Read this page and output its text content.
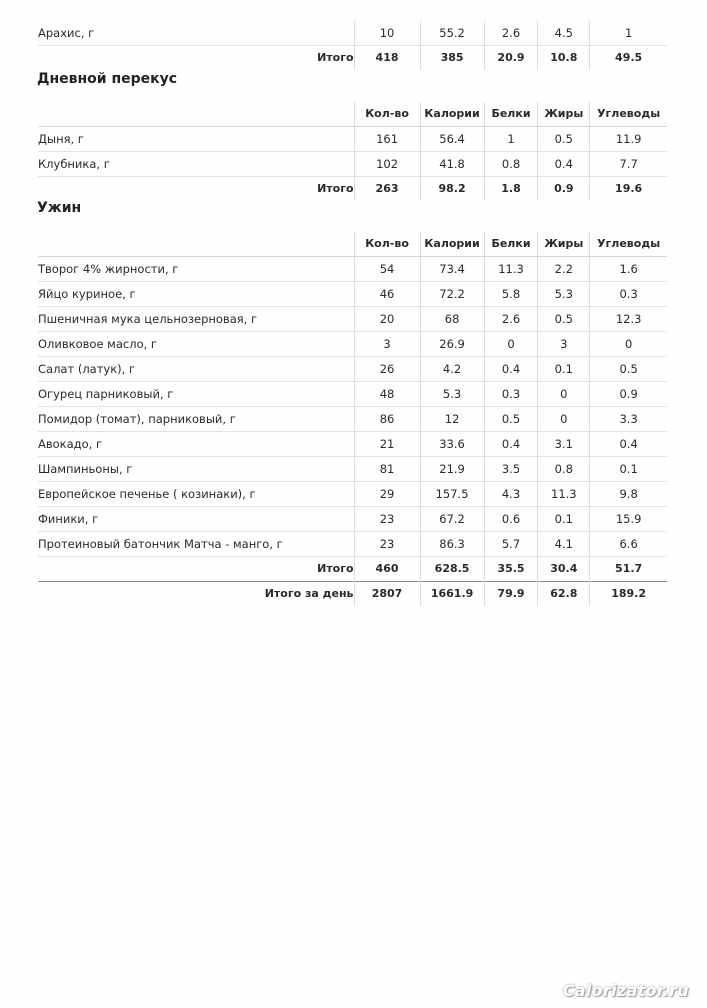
Арахис, г	10	55.2	2.6	4.5	1
Итого	418	385	20.9	10.8	49.5
Дневной перекус
	Кол-во	Калории	Белки	Жиры	Углеводы
Дыня, г	161	56.4	1	0.5	11.9
Клубника, г	102	41.8	0.8	0.4	7.7
Итого	263	98.2	1.8	0.9	19.6
Ужин
	Кол-во	Калории	Белки	Жиры	Углеводы
Творог 4% жирности, г	54	73.4	11.3	2.2	1.6
Яйцо куриное, г	46	72.2	5.8	5.3	0.3
Пшеничная мука цельнозерновая, г	20	68	2.6	0.5	12.3
Оливковое масло, г	3	26.9	0	3	0
Салат (латук), г	26	4.2	0.4	0.1	0.5
Огурец парниковый, г	48	5.3	0.3	0	0.9
Помидор (томат), парниковый, г	86	12	0.5	0	3.3
Авокадо, г	21	33.6	0.4	3.1	0.4
Шампиньоны, г	81	21.9	3.5	0.8	0.1
Европейское печенье ( козинаки), г	29	157.5	4.3	11.3	9.8
Финики, г	23	67.2	0.6	0.1	15.9
Протеиновый батончик Матча - манго, г	23	86.3	5.7	4.1	6.6
Итого	460	628.5	35.5	30.4	51.7
Итого за день	2807	1661.9	79.9	62.8	189.2
Calorizator.ru
